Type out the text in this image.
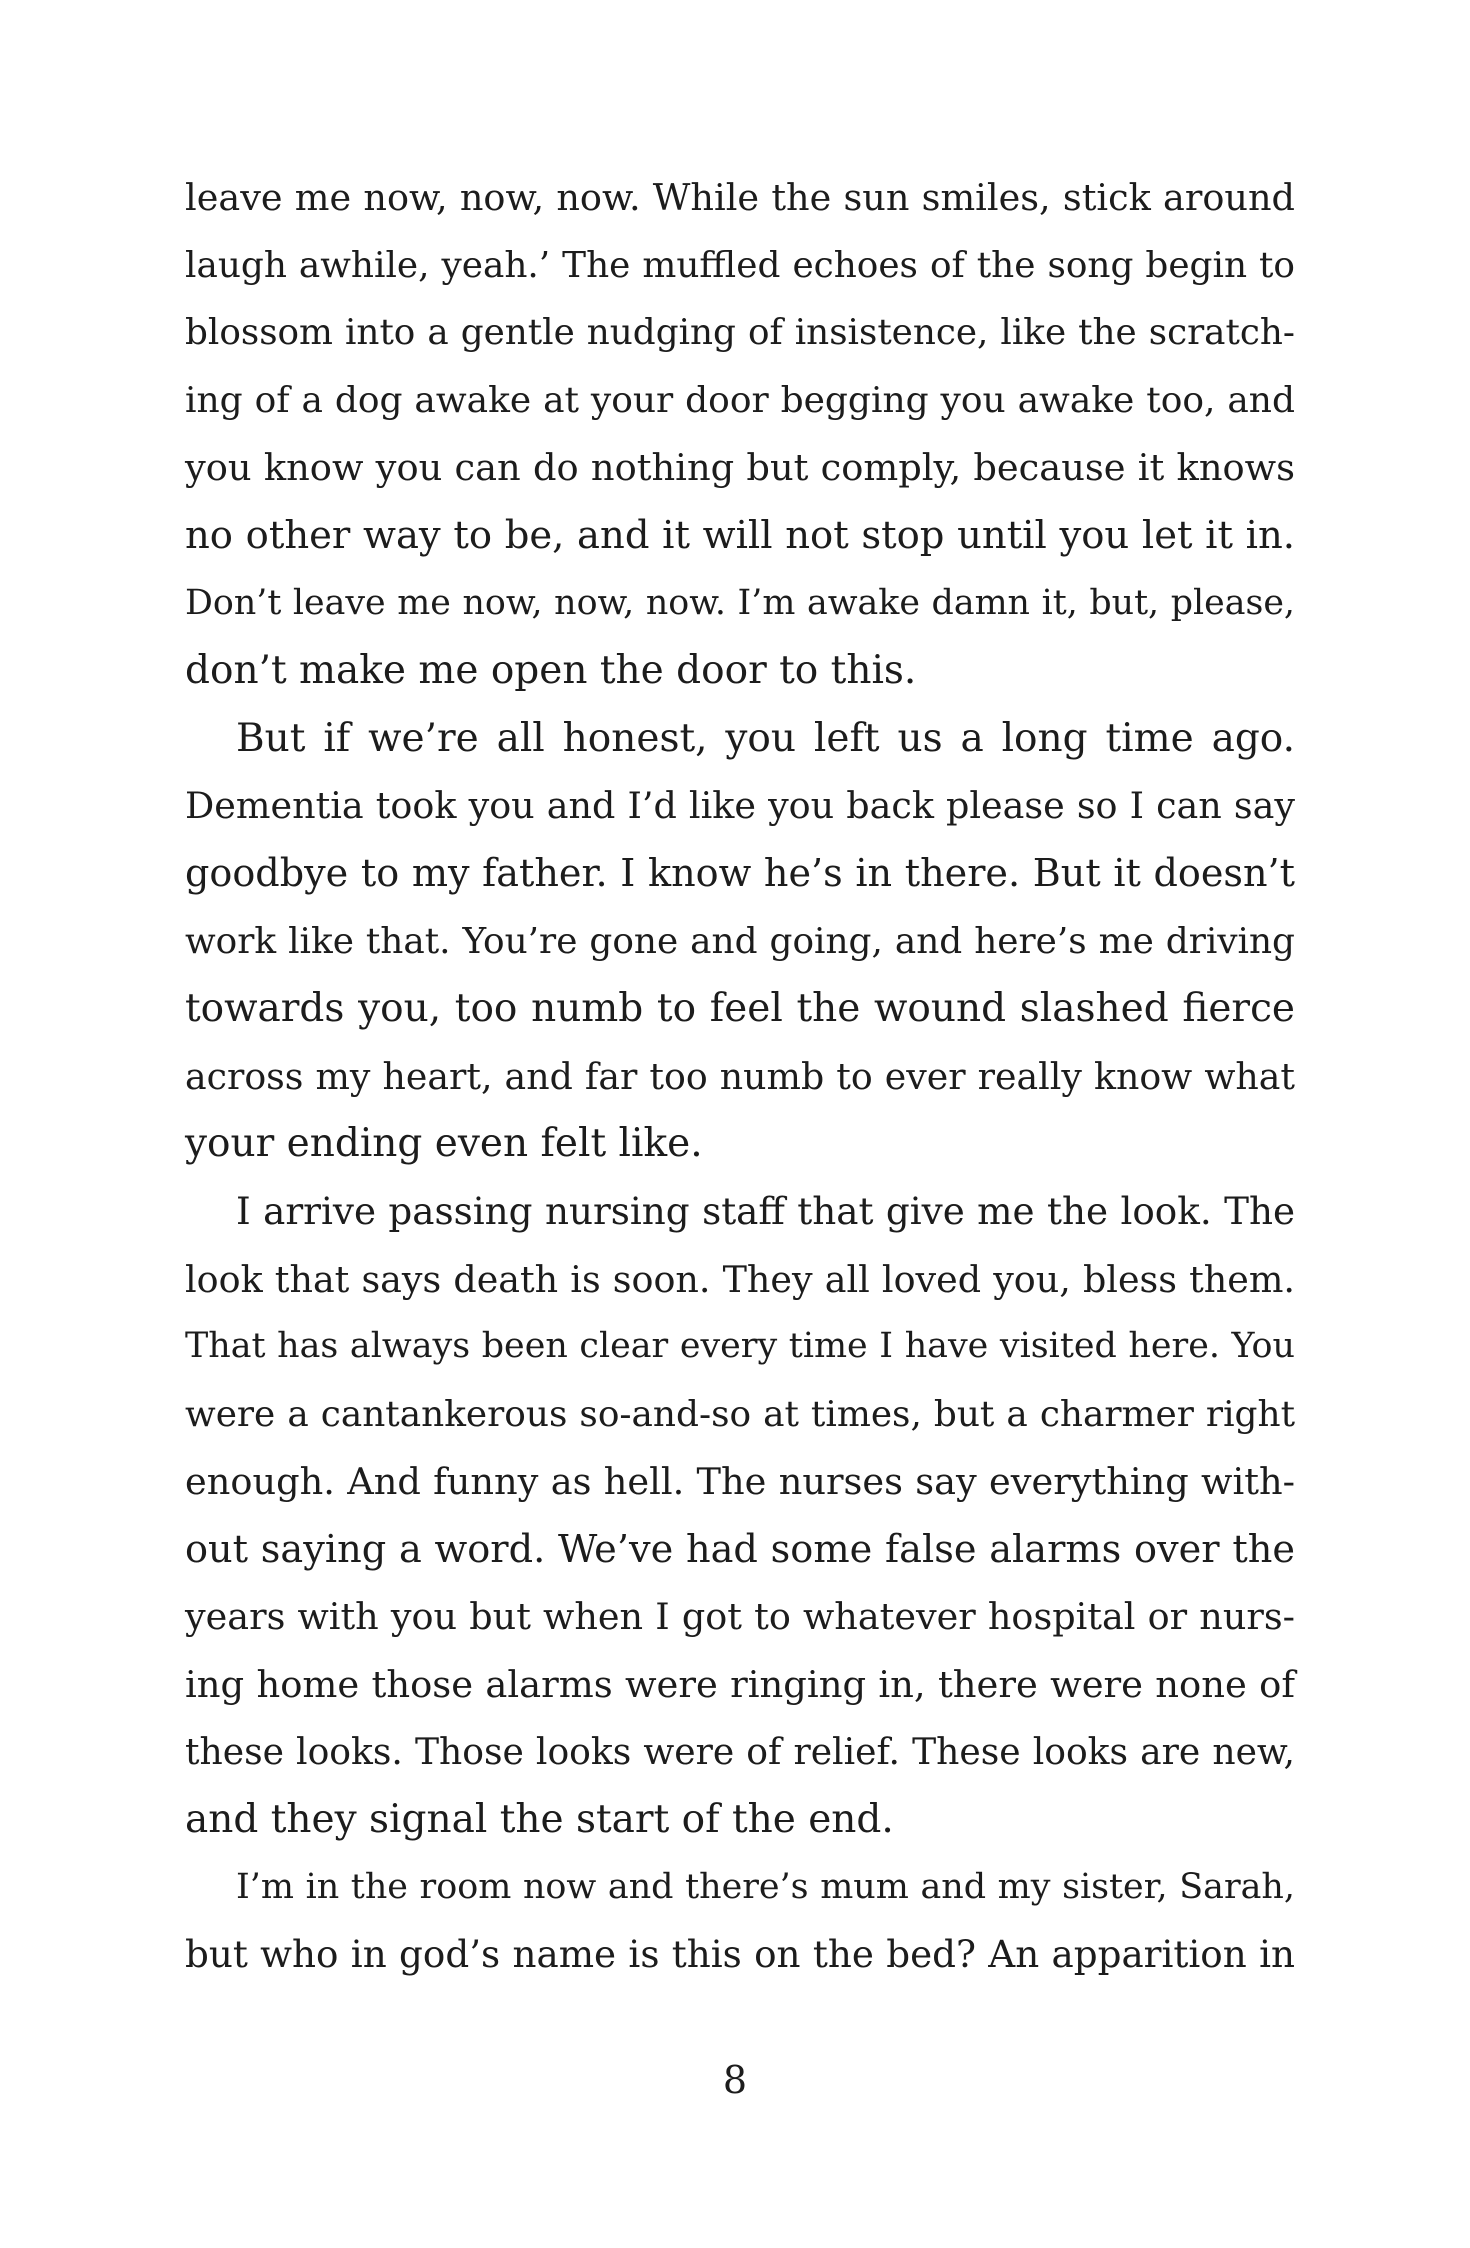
leave me now, now, now. While the sun smiles, stick around
laugh awhile, yeah.’ The muffled echoes of the song begin to
blossom into a gentle nudging of insistence, like the scratch-
ing of a dog awake at your door begging you awake too, and
you know you can do nothing but comply, because it knows
no other way to be, and it will not stop until you let it in.
Don’t leave me now, now, now. I’m awake damn it, but, please,
don’t make me open the door to this.

But if we’re all honest, you left us a long time ago.
Dementia took you and I’d like you back please so I can say
goodbye to my father. I know he’s in there. But it doesn’t
work like that. You’re gone and going, and here’s me driving
towards you, too numb to feel the wound slashed fierce
across my heart, and far too numb to ever really know what
your ending even felt like.

I arrive passing nursing staff that give me the look. The
look that says death is soon. They all loved you, bless them.
That has always been clear every time I have visited here. You
were a cantankerous so-and-so at times, but a charmer right
enough. And funny as hell. The nurses say everything with-
out saying a word. We’ve had some false alarms over the
years with you but when I got to whatever hospital or nurs-
ing home those alarms were ringing in, there were none of
these looks. Those looks were of relief. These looks are new,
and they signal the start of the end.

I’m in the room now and there’s mum and my sister, Sarah,
but who in god’s name is this on the bed? An apparition in

8
